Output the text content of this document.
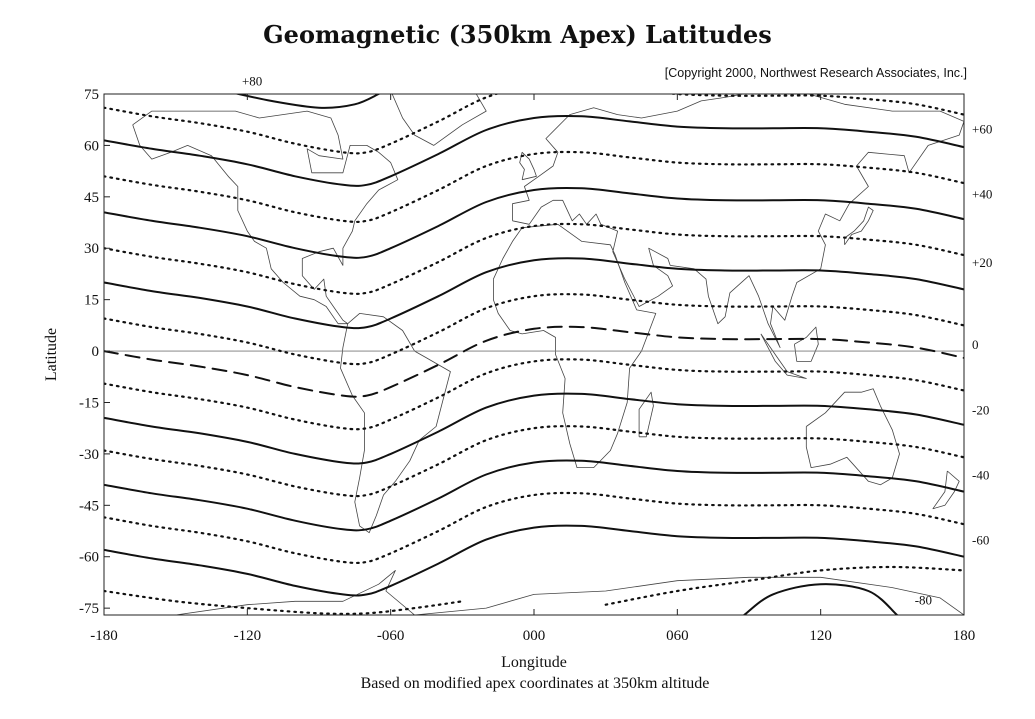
Geomagnetic (350km Apex) Latitudes
[Copyright 2000, Northwest Research Associates, Inc.]
-180	-120	-060	000	060	120	180
75
60
45
30
15
0
-15
-30
-45
-60
-75
+60
+40
+20
0
-20
-40
-60
+80
-80
Longitude
Latitude
Based on modified apex coordinates at 350km altitude
